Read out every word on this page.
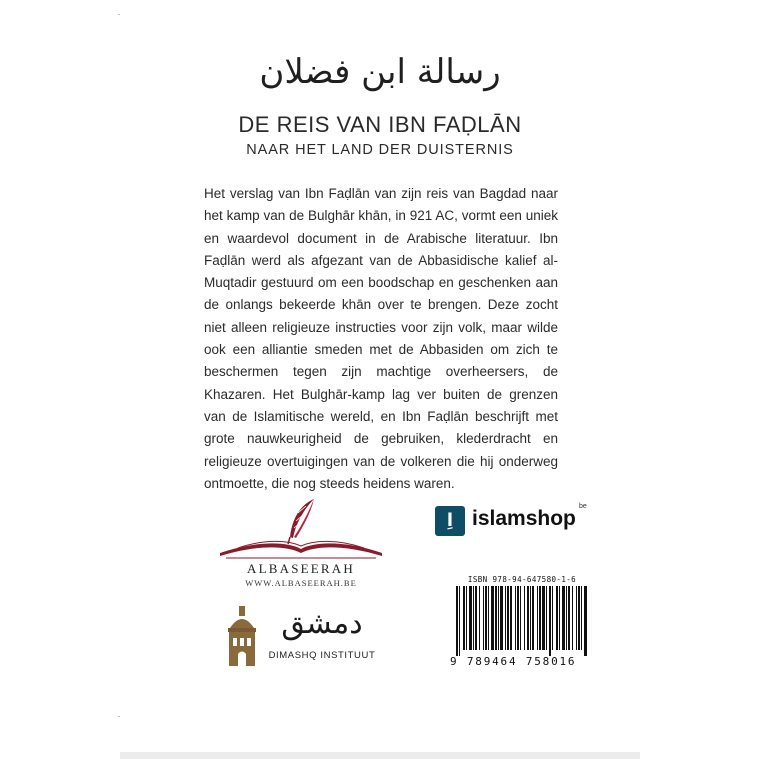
رسالة ابن فضلان
DE REIS VAN IBN FAḌLĀN
NAAR HET LAND DER DUISTERNIS

Het verslag van Ibn Faḍlān van zijn reis van Bagdad naar het kamp van de Bulghār khān, in 921 AC, vormt een uniek en waardevol document in de Arabische literatuur. Ibn Faḍlān werd als afgezant van de Abbasidische kalief al-Muqtadir gestuurd om een boodschap en geschenken aan de onlangs bekeerde khān over te brengen. Deze zocht niet alleen religieuze instructies voor zijn volk, maar wilde ook een alliantie smeden met de Abbasiden om zich te beschermen tegen zijn machtige overheersers, de Khazaren. Het Bulghār-kamp lag ver buiten de grenzen van de Islamitische wereld, en Ibn Faḍlān beschrijft met grote nauwkeurigheid de gebruiken, klederdracht en religieuze overtuigingen van de volkeren die hij onderweg ontmoette, die nog steeds heidens waren.

ALBASEERAH
WWW.ALBASEERAH.BE
دمشق
DIMASHQ INSTITUUT
اِ islamshop
be
ISBN 978-94-647580-1-6
9 789464 758016
